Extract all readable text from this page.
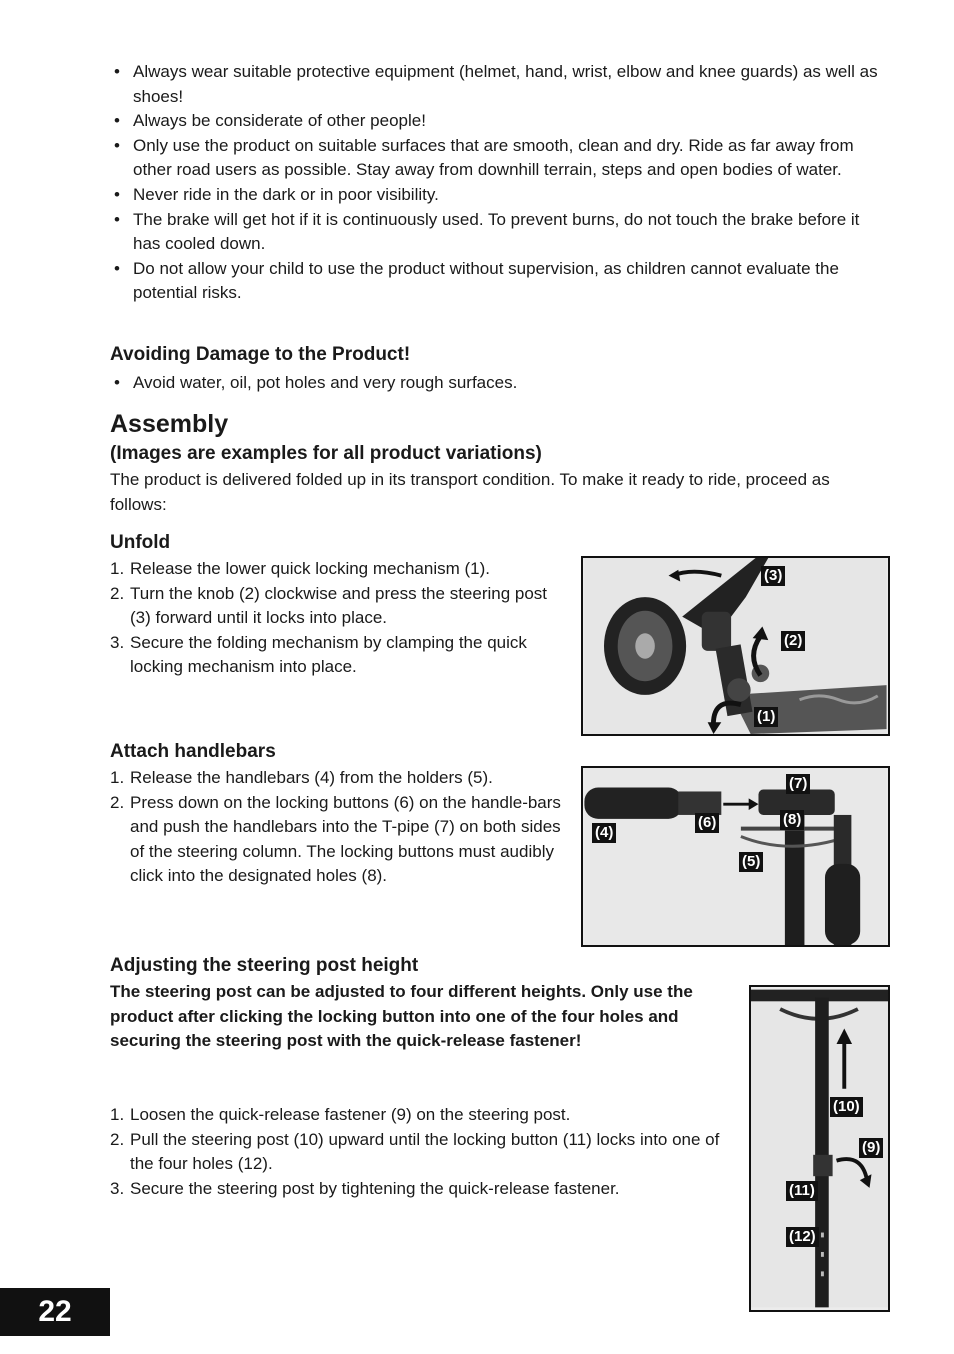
• Always wear suitable protective equipment (helmet, hand, wrist, elbow and knee guards) as well as shoes!
• Always be considerate of other people!
• Only use the product on suitable surfaces that are smooth, clean and dry. Ride as far away from other road users as possible. Stay away from downhill terrain, steps and open bodies of water.
• Never ride in the dark or in poor visibility.
• The brake will get hot if it is continuously used. To prevent burns, do not touch the brake before it has cooled down.
• Do not allow your child to use the product without supervision, as children cannot evaluate the potential risks.
Avoiding Damage to the Product!
• Avoid water, oil, pot holes and very rough surfaces.
Assembly
(Images are examples for all product variations)

The product is delivered folded up in its transport condition. To make it ready to ride, proceed as follows:

Unfold
1. Release the lower quick locking mechanism (1).
2. Turn the knob (2) clockwise and press the steering post (3) forward until it locks into place.
3. Secure the folding mechanism by clamping the quick locking mechanism into place.
(3)
(2)
(1)
Attach handlebars
1. Release the handlebars (4) from the holders (5).
2. Press down on the locking buttons (6) on the handle-bars and push the handlebars into the T-pipe (7) on both sides of the steering column. The locking buttons must audibly click into the designated holes (8).
(7)
(4)
(6)	(8)
(5)
Adjusting the steering post height

The steering post can be adjusted to four different heights. Only use the product after clicking the locking button into one of the four holes and securing the steering post with the quick-release fastener!

1. Loosen the quick-release fastener (9) on the steering post.
2. Pull the steering post (10) upward until the locking button (11) locks into one of the four holes (12).
3. Secure the steering post by tightening the quick-release fastener.
(10)
(9)
(11)
(12)
22
